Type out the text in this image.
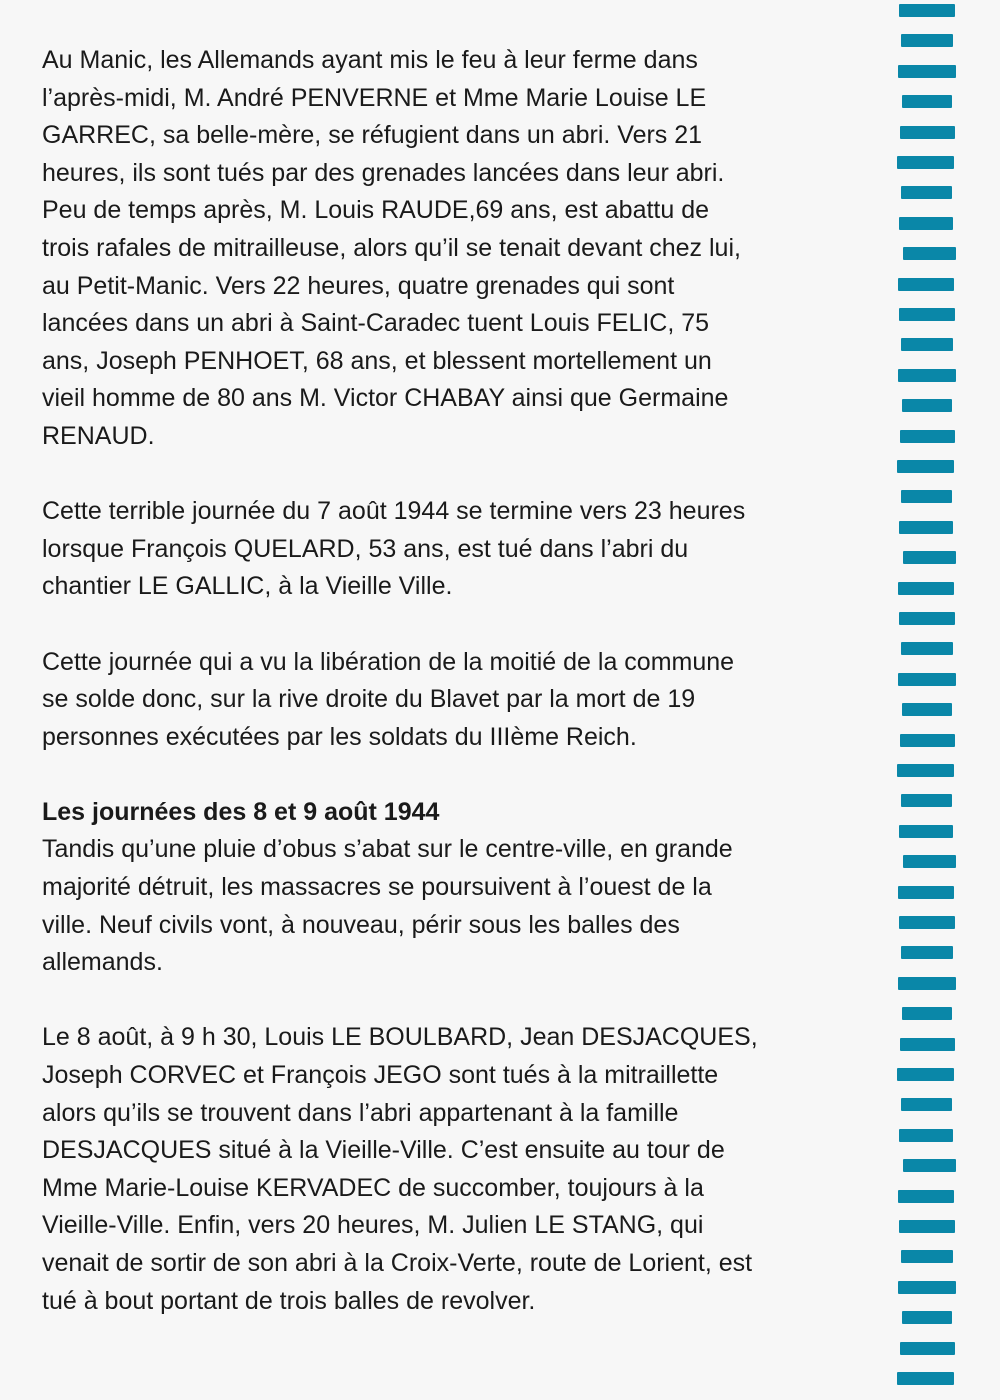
Au Manic, les Allemands ayant mis le feu à leur ferme dans
l’après-midi, M. André PENVERNE et Mme Marie Louise LE
GARREC, sa belle-mère, se réfugient dans un abri. Vers 21
heures, ils sont tués par des grenades lancées dans leur abri.
Peu de temps après, M. Louis RAUDE,69 ans, est abattu de
trois rafales de mitrailleuse, alors qu’il se tenait devant chez lui,
au Petit-Manic. Vers 22 heures, quatre grenades qui sont
lancées dans un abri à Saint-Caradec tuent Louis FELIC, 75
ans, Joseph PENHOET, 68 ans, et blessent mortellement un
vieil homme de 80 ans M. Victor CHABAY ainsi que Germaine
RENAUD.

Cette terrible journée du 7 août 1944 se termine vers 23 heures
lorsque François QUELARD, 53 ans, est tué dans l’abri du
chantier LE GALLIC, à la Vieille Ville.

Cette journée qui a vu la libération de la moitié de la commune
se solde donc, sur la rive droite du Blavet par la mort de 19
personnes exécutées par les soldats du IIIème Reich.

Les journées des 8 et 9 août 1944

Tandis qu’une pluie d’obus s’abat sur le centre-ville, en grande
majorité détruit, les massacres se poursuivent à l’ouest de la
ville. Neuf civils vont, à nouveau, périr sous les balles des
allemands.

Le 8 août, à 9 h 30, Louis LE BOULBARD, Jean DESJACQUES,
Joseph CORVEC et François JEGO sont tués à la mitraillette
alors qu’ils se trouvent dans l’abri appartenant à la famille
DESJACQUES situé à la Vieille-Ville. C’est ensuite au tour de
Mme Marie-Louise KERVADEC de succomber, toujours à la
Vieille-Ville. Enfin, vers 20 heures, M. Julien LE STANG, qui
venait de sortir de son abri à la Croix-Verte, route de Lorient, est
tué à bout portant de trois balles de revolver.
